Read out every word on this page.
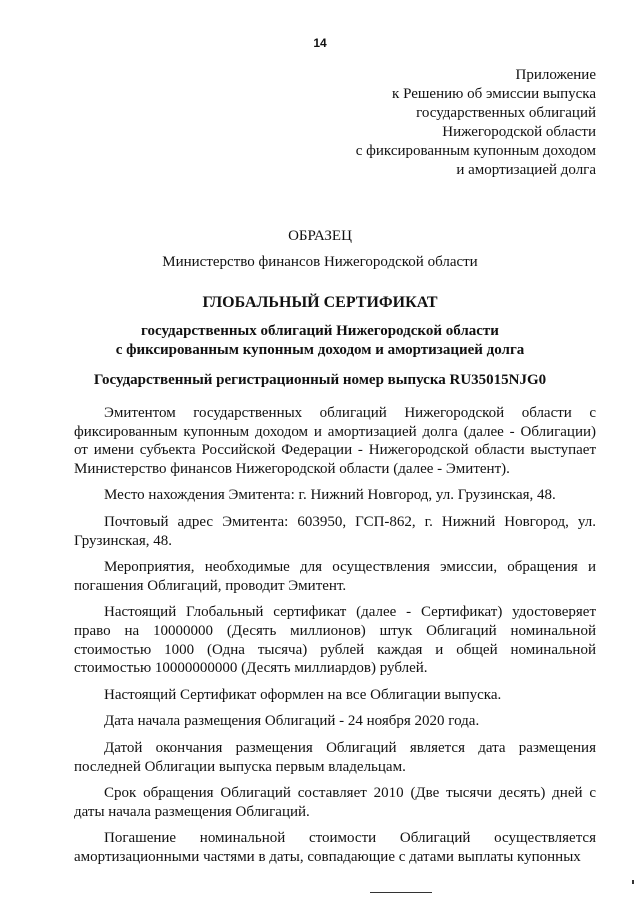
14
Приложение
к Решению об эмиссии выпуска
государственных облигаций
Нижегородской области
с фиксированным купонным доходом
и амортизацией долга
ОБРАЗЕЦ
Министерство финансов Нижегородской области
ГЛОБАЛЬНЫЙ СЕРТИФИКАТ
государственных облигаций Нижегородской области
с фиксированным купонным доходом и амортизацией долга
Государственный регистрационный номер выпуска RU35015NJG0

Эмитентом государственных облигаций Нижегородской области с фиксированным купонным доходом и амортизацией долга (далее - Облигации) от имени субъекта Российской Федерации - Нижегородской области выступает Министерство финансов Нижегородской области (далее - Эмитент).

Место нахождения Эмитента: г. Нижний Новгород, ул. Грузинская, 48.

Почтовый адрес Эмитента: 603950, ГСП-862, г. Нижний Новгород, ул. Грузинская, 48.

Мероприятия, необходимые для осуществления эмиссии, обращения и погашения Облигаций, проводит Эмитент.

Настоящий Глобальный сертификат (далее - Сертификат) удостоверяет право на 10000000 (Десять миллионов) штук Облигаций номинальной стоимостью 1000 (Одна тысяча) рублей каждая и общей номинальной стоимостью 10000000000 (Десять миллиардов) рублей.

Настоящий Сертификат оформлен на все Облигации выпуска.

Дата начала размещения Облигаций - 24 ноября 2020 года.

Датой окончания размещения Облигаций является дата размещения последней Облигации выпуска первым владельцам.

Срок обращения Облигаций составляет 2010 (Две тысячи десять) дней с даты начала размещения Облигаций.

Погашение номинальной стоимости Облигаций осуществляется амортизационными частями в даты, совпадающие с датами выплаты купонных
